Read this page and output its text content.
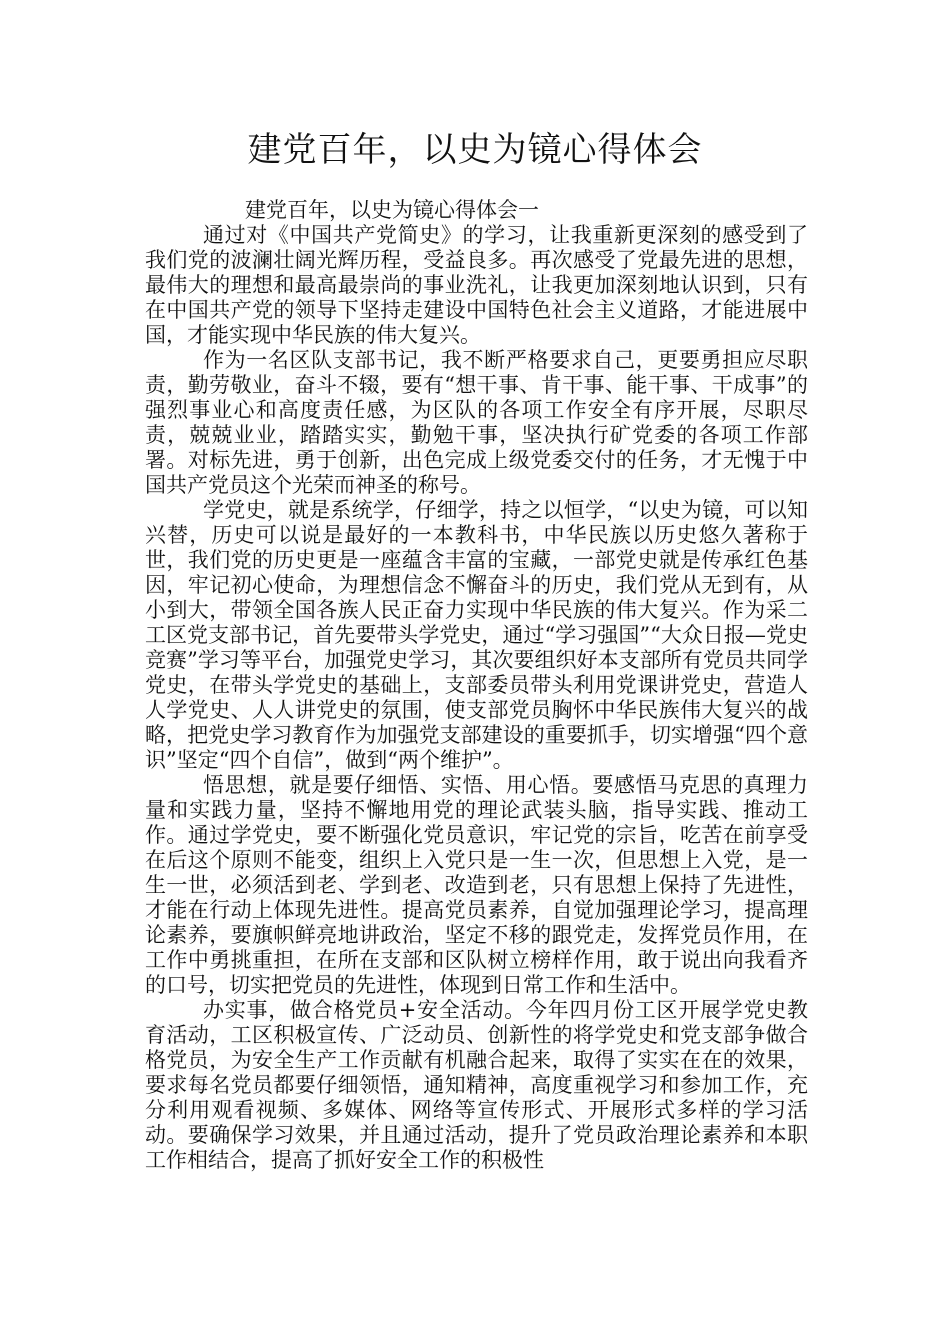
建党百年，以史为镜心得体会

建党百年，以史为镜心得体会一

通过对《中国共产党简史》的学习，让我重新更深刻的感受到了我们党的波澜壮阔光辉历程，受益良多。再次感受了党最先进的思想，最伟大的理想和最高最崇尚的事业洗礼，让我更加深刻地认识到，只有在中国共产党的领导下坚持走建设中国特色社会主义道路，才能进展中国，才能实现中华民族的伟大复兴。

作为一名区队支部书记，我不断严格要求自己，更要勇担应尽职责，勤劳敬业，奋斗不辍，要有“想干事、肯干事、能干事、干成事”的强烈事业心和高度责任感，为区队的各项工作安全有序开展，尽职尽责，兢兢业业，踏踏实实，勤勉干事，坚决执行矿党委的各项工作部署。对标先进，勇于创新，出色完成上级党委交付的任务，才无愧于中国共产党员这个光荣而神圣的称号。

学党史，就是系统学，仔细学，持之以恒学，“以史为镜，可以知兴替，历史可以说是最好的一本教科书，中华民族以历史悠久著称于世，我们党的历史更是一座蕴含丰富的宝藏，一部党史就是传承红色基因，牢记初心使命，为理想信念不懈奋斗的历史，我们党从无到有，从小到大，带领全国各族人民正奋力实现中华民族的伟大复兴。作为采二工区党支部书记，首先要带头学党史，通过“学习强国”“大众日报—党史竞赛”学习等平台，加强党史学习，其次要组织好本支部所有党员共同学党史，在带头学党史的基础上，支部委员带头利用党课讲党史，营造人人学党史、人人讲党史的氛围，使支部党员胸怀中华民族伟大复兴的战略，把党史学习教育作为加强党支部建设的重要抓手，切实增强“四个意识”坚定“四个自信”，做到“两个维护”。

悟思想，就是要仔细悟、实悟、用心悟。要感悟马克思的真理力量和实践力量，坚持不懈地用党的理论武装头脑，指导实践、推动工作。通过学党史，要不断强化党员意识，牢记党的宗旨，吃苦在前享受在后这个原则不能变，组织上入党只是一生一次，但思想上入党，是一生一世，必须活到老、学到老、改造到老，只有思想上保持了先进性，才能在行动上体现先进性。提高党员素养，自觉加强理论学习，提高理论素养，要旗帜鲜亮地讲政治，坚定不移的跟党走，发挥党员作用，在工作中勇挑重担，在所在支部和区队树立榜样作用，敢于说出向我看齐的口号，切实把党员的先进性，体现到日常工作和生活中。

办实事，做合格党员+安全活动。今年四月份工区开展学党史教育活动，工区积极宣传、广泛动员、创新性的将学党史和党支部争做合格党员，为安全生产工作贡献有机融合起来，取得了实实在在的效果，要求每名党员都要仔细领悟，通知精神，高度重视学习和参加工作，充分利用观看视频、多媒体、网络等宣传形式、开展形式多样的学习活动。要确保学习效果，并且通过活动，提升了党员政治理论素养和本职工作相结合，提高了抓好安全工作的积极性
